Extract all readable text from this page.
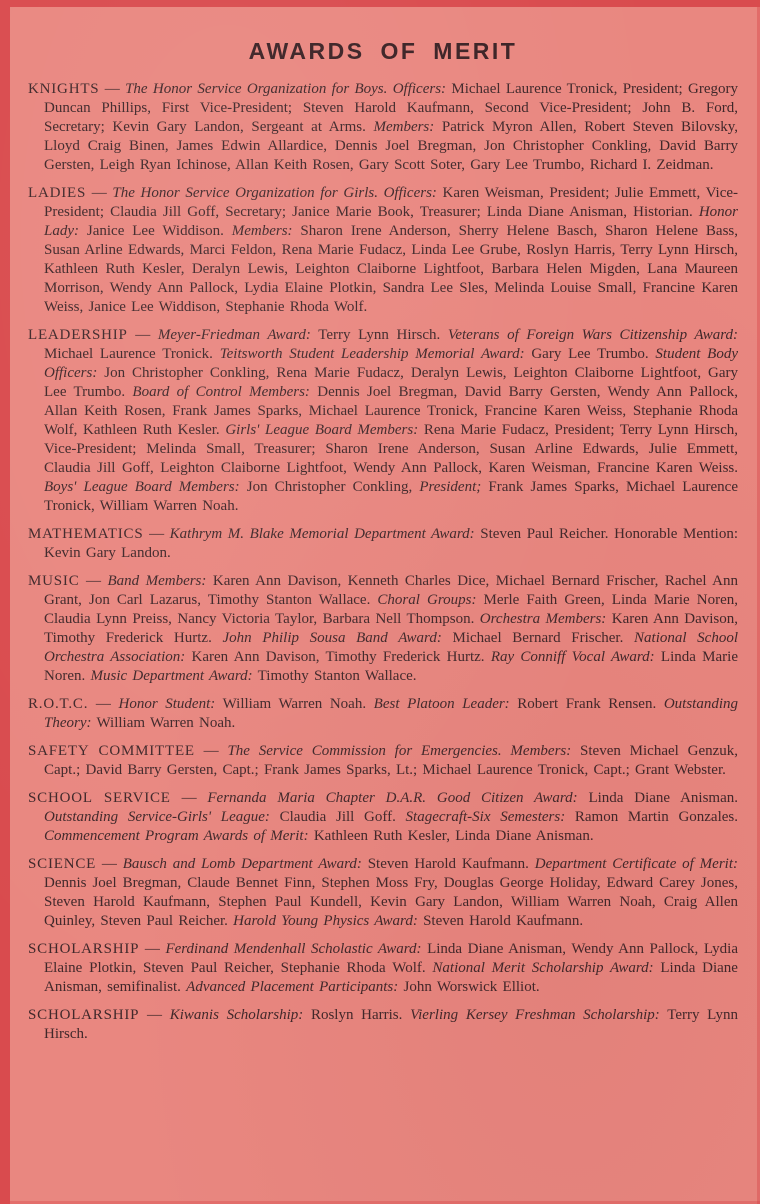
AWARDS OF MERIT

KNIGHTS — The Honor Service Organization for Boys. Officers: Michael Laurence Tronick, President; Gregory Duncan Phillips, First Vice-President; Steven Harold Kaufmann, Second Vice-President; John B. Ford, Secretary; Kevin Gary Landon, Sergeant at Arms. Members: Patrick Myron Allen, Robert Steven Bilovsky, Lloyd Craig Binen, James Edwin Allardice, Dennis Joel Bregman, Jon Christopher Conkling, David Barry Gersten, Leigh Ryan Ichinose, Allan Keith Rosen, Gary Scott Soter, Gary Lee Trumbo, Richard I. Zeidman.

LADIES — The Honor Service Organization for Girls. Officers: Karen Weisman, President; Julie Emmett, Vice-President; Claudia Jill Goff, Secretary; Janice Marie Book, Treasurer; Linda Diane Anisman, Historian. Honor Lady: Janice Lee Widdison. Members: Sharon Irene Anderson, Sherry Helene Basch, Sharon Helene Bass, Susan Arline Edwards, Marci Feldon, Rena Marie Fudacz, Linda Lee Grube, Roslyn Harris, Terry Lynn Hirsch, Kathleen Ruth Kesler, Deralyn Lewis, Leighton Claiborne Lightfoot, Barbara Helen Migden, Lana Maureen Morrison, Wendy Ann Pallock, Lydia Elaine Plotkin, Sandra Lee Sles, Melinda Louise Small, Francine Karen Weiss, Janice Lee Widdison, Stephanie Rhoda Wolf.

LEADERSHIP — Meyer-Friedman Award: Terry Lynn Hirsch. Veterans of Foreign Wars Citizenship Award: Michael Laurence Tronick. Teitsworth Student Leadership Memorial Award: Gary Lee Trumbo. Student Body Officers: Jon Christopher Conkling, Rena Marie Fudacz, Deralyn Lewis, Leighton Claiborne Lightfoot, Gary Lee Trumbo. Board of Control Members: Dennis Joel Bregman, David Barry Gersten, Wendy Ann Pallock, Allan Keith Rosen, Frank James Sparks, Michael Laurence Tronick, Francine Karen Weiss, Stephanie Rhoda Wolf, Kathleen Ruth Kesler. Girls' League Board Members: Rena Marie Fudacz, President; Terry Lynn Hirsch, Vice-President; Melinda Small, Treasurer; Sharon Irene Anderson, Susan Arline Edwards, Julie Emmett, Claudia Jill Goff, Leighton Claiborne Lightfoot, Wendy Ann Pallock, Karen Weisman, Francine Karen Weiss. Boys' League Board Members: Jon Christopher Conkling, President; Frank James Sparks, Michael Laurence Tronick, William Warren Noah.

MATHEMATICS — Kathrym M. Blake Memorial Department Award: Steven Paul Reicher. Honorable Mention: Kevin Gary Landon.

MUSIC — Band Members: Karen Ann Davison, Kenneth Charles Dice, Michael Bernard Frischer, Rachel Ann Grant, Jon Carl Lazarus, Timothy Stanton Wallace. Choral Groups: Merle Faith Green, Linda Marie Noren, Claudia Lynn Preiss, Nancy Victoria Taylor, Barbara Nell Thompson. Orchestra Members: Karen Ann Davison, Timothy Frederick Hurtz. John Philip Sousa Band Award: Michael Bernard Frischer. National School Orchestra Association: Karen Ann Davison, Timothy Frederick Hurtz. Ray Conniff Vocal Award: Linda Marie Noren. Music Department Award: Timothy Stanton Wallace.

R.O.T.C. — Honor Student: William Warren Noah. Best Platoon Leader: Robert Frank Rensen. Outstanding Theory: William Warren Noah.

SAFETY COMMITTEE — The Service Commission for Emergencies. Members: Steven Michael Genzuk, Capt.; David Barry Gersten, Capt.; Frank James Sparks, Lt.; Michael Laurence Tronick, Capt.; Grant Webster.

SCHOOL SERVICE — Fernanda Maria Chapter D.A.R. Good Citizen Award: Linda Diane Anisman. Outstanding Service-Girls' League: Claudia Jill Goff. Stagecraft-Six Semesters: Ramon Martin Gonzales. Commencement Program Awards of Merit: Kathleen Ruth Kesler, Linda Diane Anisman.

SCIENCE — Bausch and Lomb Department Award: Steven Harold Kaufmann. Department Certificate of Merit: Dennis Joel Bregman, Claude Bennet Finn, Stephen Moss Fry, Douglas George Holiday, Edward Carey Jones, Steven Harold Kaufmann, Stephen Paul Kundell, Kevin Gary Landon, William Warren Noah, Craig Allen Quinley, Steven Paul Reicher. Harold Young Physics Award: Steven Harold Kaufmann.

SCHOLARSHIP — Ferdinand Mendenhall Scholastic Award: Linda Diane Anisman, Wendy Ann Pallock, Lydia Elaine Plotkin, Steven Paul Reicher, Stephanie Rhoda Wolf. National Merit Scholarship Award: Linda Diane Anisman, semifinalist. Advanced Placement Participants: John Worswick Elliot.

SCHOLARSHIP — Kiwanis Scholarship: Roslyn Harris. Vierling Kersey Freshman Scholarship: Terry Lynn Hirsch.
